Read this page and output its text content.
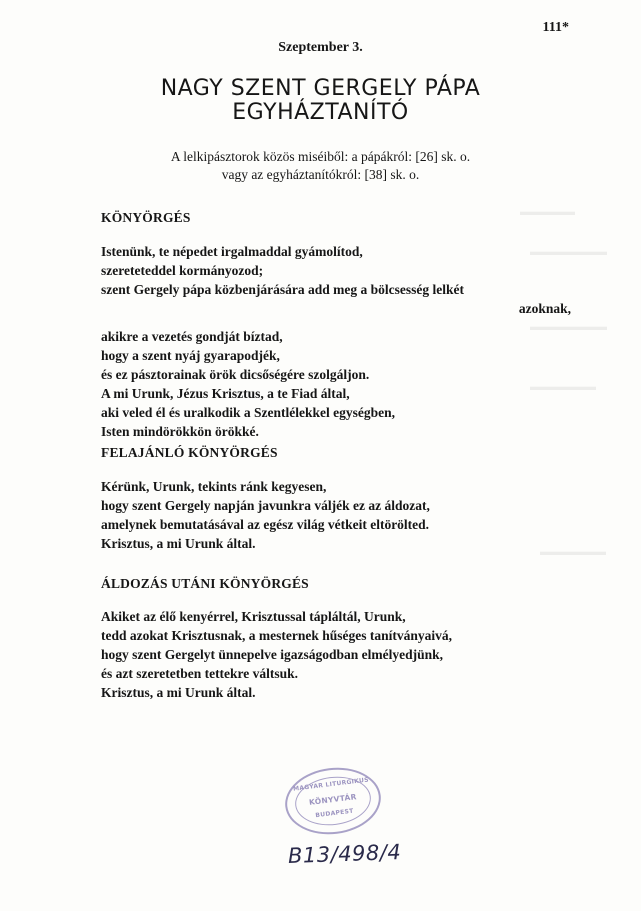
▬▬▬▬▬
▬▬▬▬▬▬▬
▬▬▬▬▬▬▬
▬▬▬▬▬▬
▬▬▬▬▬▬
111*
Szeptember 3.
NAGY SZENT GERGELY PÁPA
EGYHÁZTANÍTÓ
A lelkipásztorok közös miséiből: a pápákról: [26] sk. o.
vagy az egyháztanítókról: [38] sk. o.
KÖNYÖRGÉS
Istenünk, te népedet irgalmaddal gyámolítod,
szereteteddel kormányozod;
szent Gergely pápa közbenjárására add meg a bölcsesség lelkét
azoknak,
akikre a vezetés gondját bíztad,
hogy a szent nyáj gyarapodjék,
és ez pásztorainak örök dicsőségére szolgáljon.
A mi Urunk, Jézus Krisztus, a te Fiad által,
aki veled él és uralkodik a Szentlélekkel egységben,
Isten mindörökkön örökké.
FELAJÁNLÓ KÖNYÖRGÉS
Kérünk, Urunk, tekints ránk kegyesen,
hogy szent Gergely napján javunkra váljék ez az áldozat,
amelynek bemutatásával az egész világ vétkeit eltörölted.
Krisztus, a mi Urunk által.
ÁLDOZÁS UTÁNI KÖNYÖRGÉS
Akiket az élő kenyérrel, Krisztussal tápláltál, Urunk,
tedd azokat Krisztusnak, a mesternek hűséges tanítványaivá,
hogy szent Gergelyt ünnepelve igazságodban elmélyedjünk,
és azt szeretetben tettekre váltsuk.
Krisztus, a mi Urunk által.
MAGYAR LITURGIKUS
KÖNYVTÁR
BUDAPEST
B13/498/4
